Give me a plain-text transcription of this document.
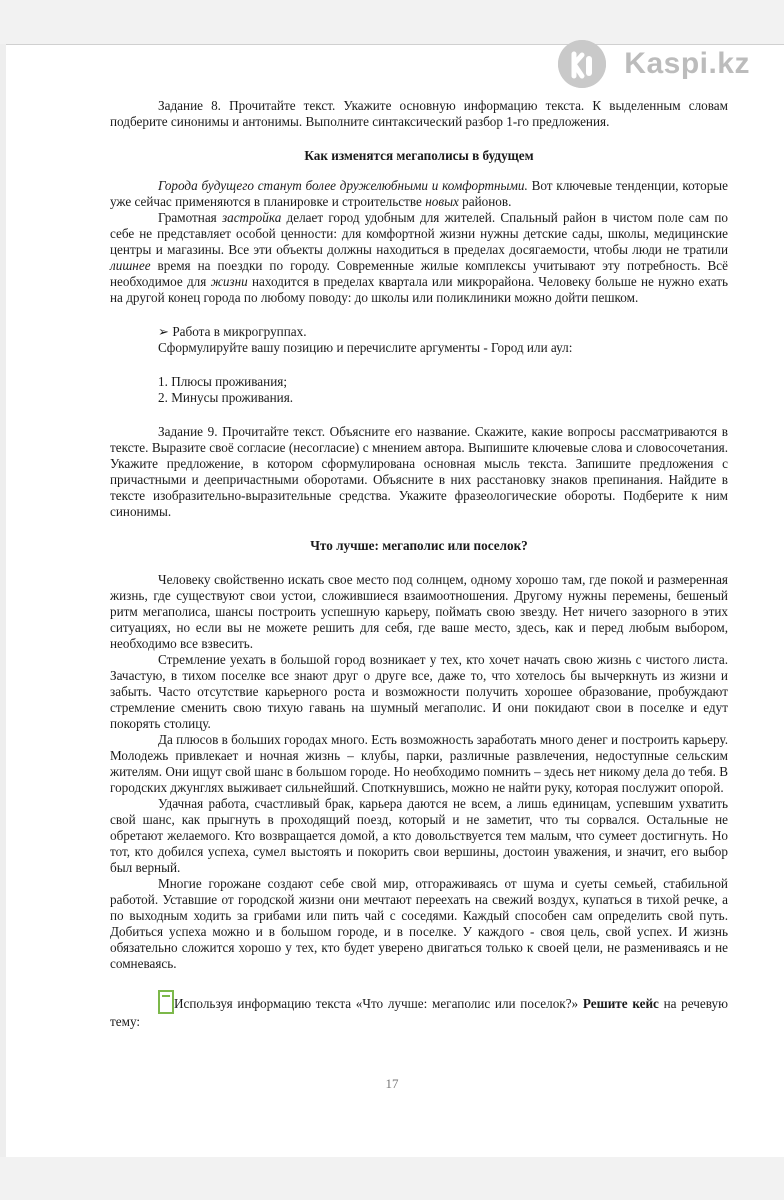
Kaspi.kz

Задание 8. Прочитайте текст. Укажите основную информацию текста. К выделенным словам подберите синонимы и антонимы. Выполните синтаксический разбор 1-го предложения.

Как изменятся мегаполисы в будущем

Города будущего станут более дружелюбными и комфортными. Вот ключевые тенденции, которые уже сейчас применяются в планировке и строительстве новых районов.

Грамотная застройка делает город удобным для жителей. Спальный район в чистом поле сам по себе не представляет особой ценности: для комфортной жизни нужны детские сады, школы, медицинские центры и магазины. Все эти объекты должны находиться в пределах досягаемости, чтобы люди не тратили лишнее время на поездки по городу. Современные жилые комплексы учитывают эту потребность. Всё необходимое для жизни находится в пределах квартала или микрорайона. Человеку больше не нужно ехать на другой конец города по любому поводу: до школы или поликлиники можно дойти пешком.

➢ Работа в микрогруппах.

Сформулируйте вашу позицию и перечислите аргументы - Город или аул:

1. Плюсы проживания;

2. Минусы проживания.

Задание 9. Прочитайте текст. Объясните его название. Скажите, какие вопросы рассматриваются в тексте. Выразите своё согласие (несогласие) с мнением автора. Выпишите ключевые слова и словосочетания. Укажите предложение, в котором сформулирована основная мысль текста. Запишите предложения с причастными и деепричастными оборотами. Объясните в них расстановку знаков препинания. Найдите в тексте изобразительно-выразительные средства. Укажите фразеологические обороты. Подберите к ним синонимы.

Что лучше: мегаполис или поселок?

Человеку свойственно искать свое место под солнцем, одному хорошо там, где покой и размеренная жизнь, где существуют свои устои, сложившиеся взаимоотношения. Другому нужны перемены, бешеный ритм мегаполиса, шансы построить успешную карьеру, поймать свою звезду. Нет ничего зазорного в этих ситуациях, но если вы не можете решить для себя, где ваше место, здесь, как и перед любым выбором, необходимо все взвесить.

Стремление уехать в большой город возникает у тех, кто хочет начать свою жизнь с чистого листа. Зачастую, в тихом поселке все знают друг о друге все, даже то, что хотелось бы вычеркнуть из жизни и забыть. Часто отсутствие карьерного роста и возможности получить хорошее образование, пробуждают стремление сменить свою тихую гавань на шумный мегаполис. И они покидают свои в поселке и едут покорять столицу.

Да плюсов в больших городах много. Есть возможность заработать много денег и построить карьеру. Молодежь привлекает и ночная жизнь – клубы, парки, различные развлечения, недоступные сельским жителям. Они ищут свой шанс в большом городе. Но необходимо помнить – здесь нет никому дела до тебя. В городских джунглях выживает сильнейший. Споткнувшись, можно не найти руку, которая послужит опорой.

Удачная работа, счастливый брак, карьера даются не всем, а лишь единицам, успевшим ухватить свой шанс, как прыгнуть в проходящий поезд, который и не заметит, что ты сорвался. Остальные не обретают желаемого. Кто возвращается домой, а кто довольствуется тем малым, что сумеет достигнуть. Но тот, кто добился успеха, сумел выстоять и покорить свои вершины, достоин уважения, и значит, его выбор был верный.

Многие горожане создают себе свой мир, отгораживаясь от шума и суеты семьей, стабильной работой. Уставшие от городской жизни они мечтают переехать на свежий воздух, купаться в тихой речке, а по выходным ходить за грибами или пить чай с соседями. Каждый способен сам определить свой путь. Добиться успеха можно и в большом городе, и в поселке. У каждого - своя цель, свой успех. И жизнь обязательно сложится хорошо у тех, кто будет уверено двигаться только к своей цели, не размениваясь и не сомневаясь.

Используя информацию текста «Что лучше: мегаполис или поселок?» Решите кейс на речевую тему:

17
